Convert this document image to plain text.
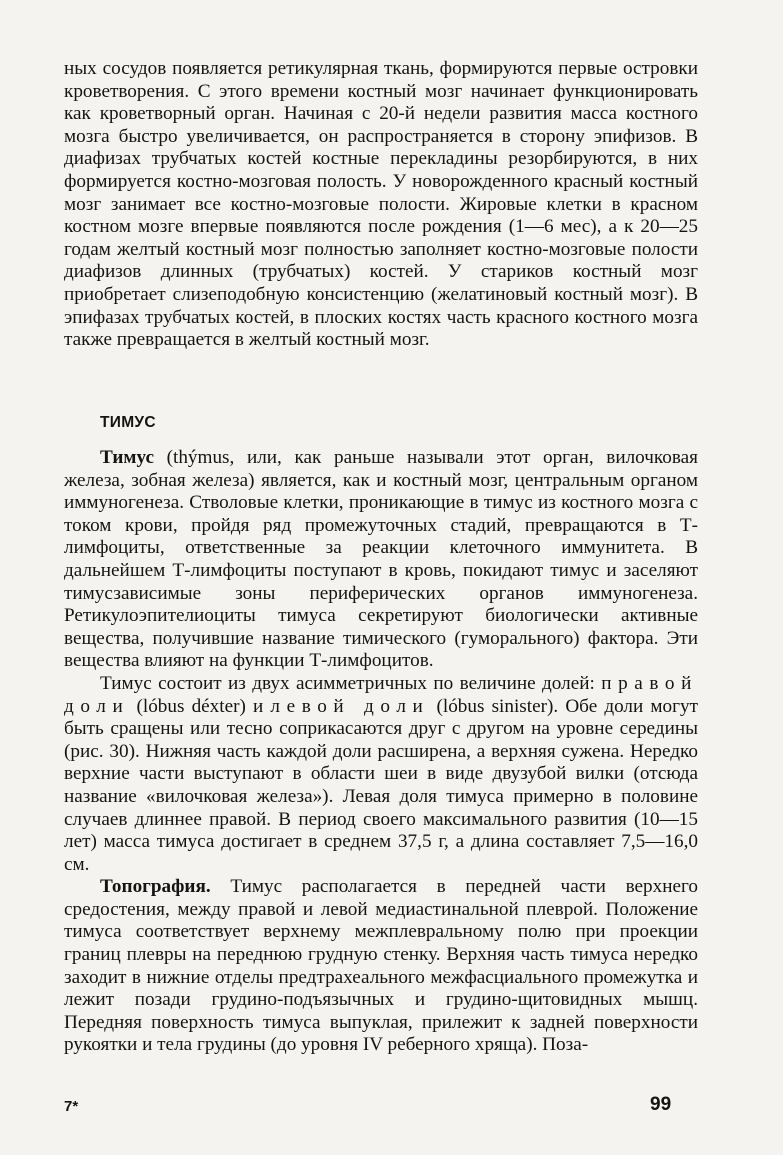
ных сосудов появляется ретикулярная ткань, формируются первые островки кроветворения. С этого времени костный мозг начинает функционировать как кроветворный орган. Начиная с 20-й недели развития масса костного мозга быстро увеличивается, он распространяется в сторону эпифизов. В диафизах трубчатых костей костные перекладины резорбируются, в них формируется костно-мозговая полость. У новорожденного красный костный мозг занимает все костно-мозговые полости. Жировые клетки в красном костном мозге впервые появляются после рождения (1—6 мес), а к 20—25 годам желтый костный мозг полностью заполняет костно-мозговые полости диафизов длинных (трубчатых) костей. У стариков костный мозг приобретает слизеподобную консистенцию (желатиновый костный мозг). В эпифазах трубчатых костей, в плоских костях часть красного костного мозга также превращается в желтый костный мозг.

ТИМУС

Тимус (thýmus, или, как раньше называли этот орган, вилочковая железа, зобная железа) является, как и костный мозг, центральным органом иммуногенеза. Стволовые клетки, проникающие в тимус из костного мозга с током крови, пройдя ряд промежуточных стадий, превращаются в Т-лимфоциты, ответственные за реакции клеточного иммунитета. В дальнейшем Т-лимфоциты поступают в кровь, покидают тимус и заселяют тимусзависимые зоны периферических органов иммуногенеза. Ретикулоэпителиоциты тимуса секретируют биологически активные вещества, получившие название тимического (гуморального) фактора. Эти вещества влияют на функции Т-лимфоцитов.

Тимус состоит из двух асимметричных по величине долей: правой доли (lóbus déxter) и левой доли (lóbus sinister). Обе доли могут быть сращены или тесно соприкасаются друг с другом на уровне середины (рис. 30). Нижняя часть каждой доли расширена, а верхняя сужена. Нередко верхние части выступают в области шеи в виде двузубой вилки (отсюда название «вилочковая железа»). Левая доля тимуса примерно в половине случаев длиннее правой. В период своего максимального развития (10—15 лет) масса тимуса достигает в среднем 37,5 г, а длина составляет 7,5—16,0 см.

Топография. Тимус располагается в передней части верхнего средостения, между правой и левой медиастинальной плеврой. Положение тимуса соответствует верхнему межплевральному полю при проекции границ плевры на переднюю грудную стенку. Верхняя часть тимуса нередко заходит в нижние отделы предтрахеального межфасциального промежутка и лежит позади грудино-подъязычных и грудино-щитовидных мышц. Передняя поверхность тимуса выпуклая, прилежит к задней поверхности рукоятки и тела грудины (до уровня IV реберного хряща). Поза-

7*	99
